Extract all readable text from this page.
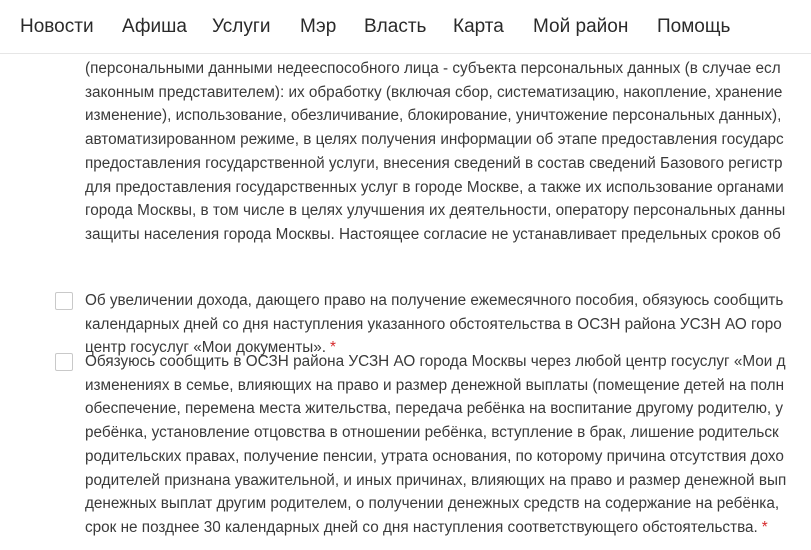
Новости Афиша Услуги Мэр Власть Карта Мой район Помощь
(персональными данными недееспособного лица - субъекта персональных данных (в случае есл
законным представителем): их обработку (включая сбор, систематизацию, накопление, хранение
изменение), использование, обезличивание, блокирование, уничтожение персональных данных),
автоматизированном режиме, в целях получения информации об этапе предоставления государс
предоставления государственной услуги, внесения сведений в состав сведений Базового регистр
для предоставления государственных услуг в городе Москве, а также их использование органами
города Москвы, в том числе в целях улучшения их деятельности, оператору персональных данны
защиты населения города Москвы. Настоящее согласие не устанавливает предельных сроков об
Об увеличении дохода, дающего право на получение ежемесячного пособия, обязуюсь сообщить
календарных дней со дня наступления указанного обстоятельства в ОСЗН района УСЗН АО горо
центр госуслуг «Мои документы». *
Обязуюсь сообщить в ОСЗН района УСЗН АО города Москвы через любой центр госуслуг «Мои д
изменениях в семье, влияющих на право и размер денежной выплаты (помещение детей на полн
обеспечение, перемена места жительства, передача ребёнка на воспитание другому родителю, у
ребёнка, установление отцовства в отношении ребёнка, вступление в брак, лишение родительск
родительских правах, получение пенсии, утрата основания, по которому причина отсутствия дохо
родителей признана уважительной, и иных причинах, влияющих на право и размер денежной вып
денежных выплат другим родителем, о получении денежных средств на содержание на ребёнка,
срок не позднее 30 календарных дней со дня наступления соответствующего обстоятельства. *
